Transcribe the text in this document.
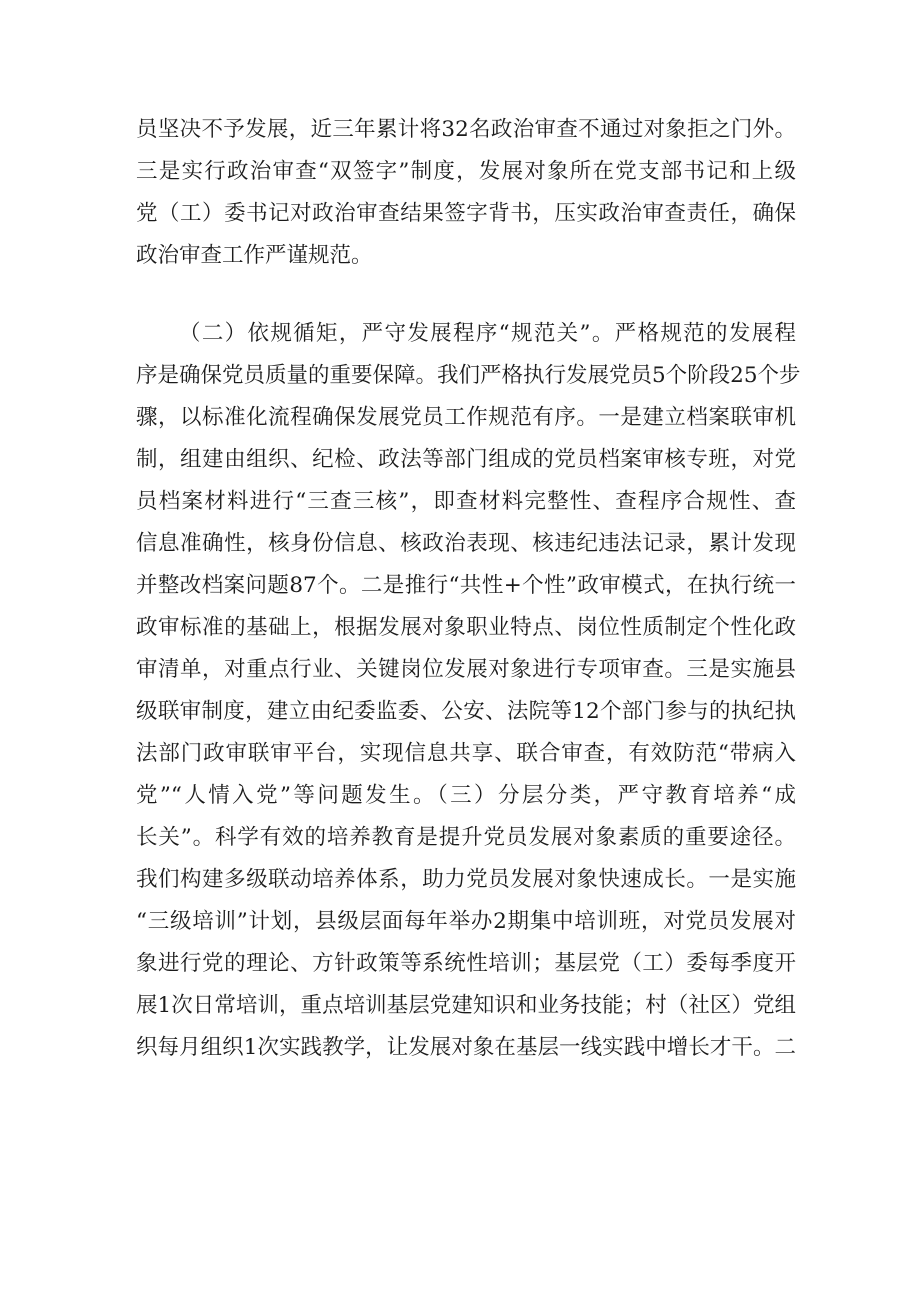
员坚决不予发展，近三年累计将32名政治审查不通过对象拒之门外。
三是实行政治审查“双签字”制度，发展对象所在党支部书记和上级
党（工）委书记对政治审查结果签字背书，压实政治审查责任，确保
政治审查工作严谨规范。
（二）依规循矩，严守发展程序“规范关”。严格规范的发展程
序是确保党员质量的重要保障。我们严格执行发展党员5个阶段25个步
骤，以标准化流程确保发展党员工作规范有序。一是建立档案联审机
制，组建由组织、纪检、政法等部门组成的党员档案审核专班，对党
员档案材料进行“三查三核”，即查材料完整性、查程序合规性、查
信息准确性，核身份信息、核政治表现、核违纪违法记录，累计发现
并整改档案问题87个。二是推行“共性+个性”政审模式，在执行统一
政审标准的基础上，根据发展对象职业特点、岗位性质制定个性化政
审清单，对重点行业、关键岗位发展对象进行专项审查。三是实施县
级联审制度，建立由纪委监委、公安、法院等12个部门参与的执纪执
法部门政审联审平台，实现信息共享、联合审查，有效防范“带病入
党”“人情入党”等问题发生。（三）分层分类，严守教育培养“成
长关”。科学有效的培养教育是提升党员发展对象素质的重要途径。
我们构建多级联动培养体系，助力党员发展对象快速成长。一是实施
“三级培训”计划，县级层面每年举办2期集中培训班，对党员发展对
象进行党的理论、方针政策等系统性培训；基层党（工）委每季度开
展1次日常培训，重点培训基层党建知识和业务技能；村（社区）党组
织每月组织1次实践教学，让发展对象在基层一线实践中增长才干。二
